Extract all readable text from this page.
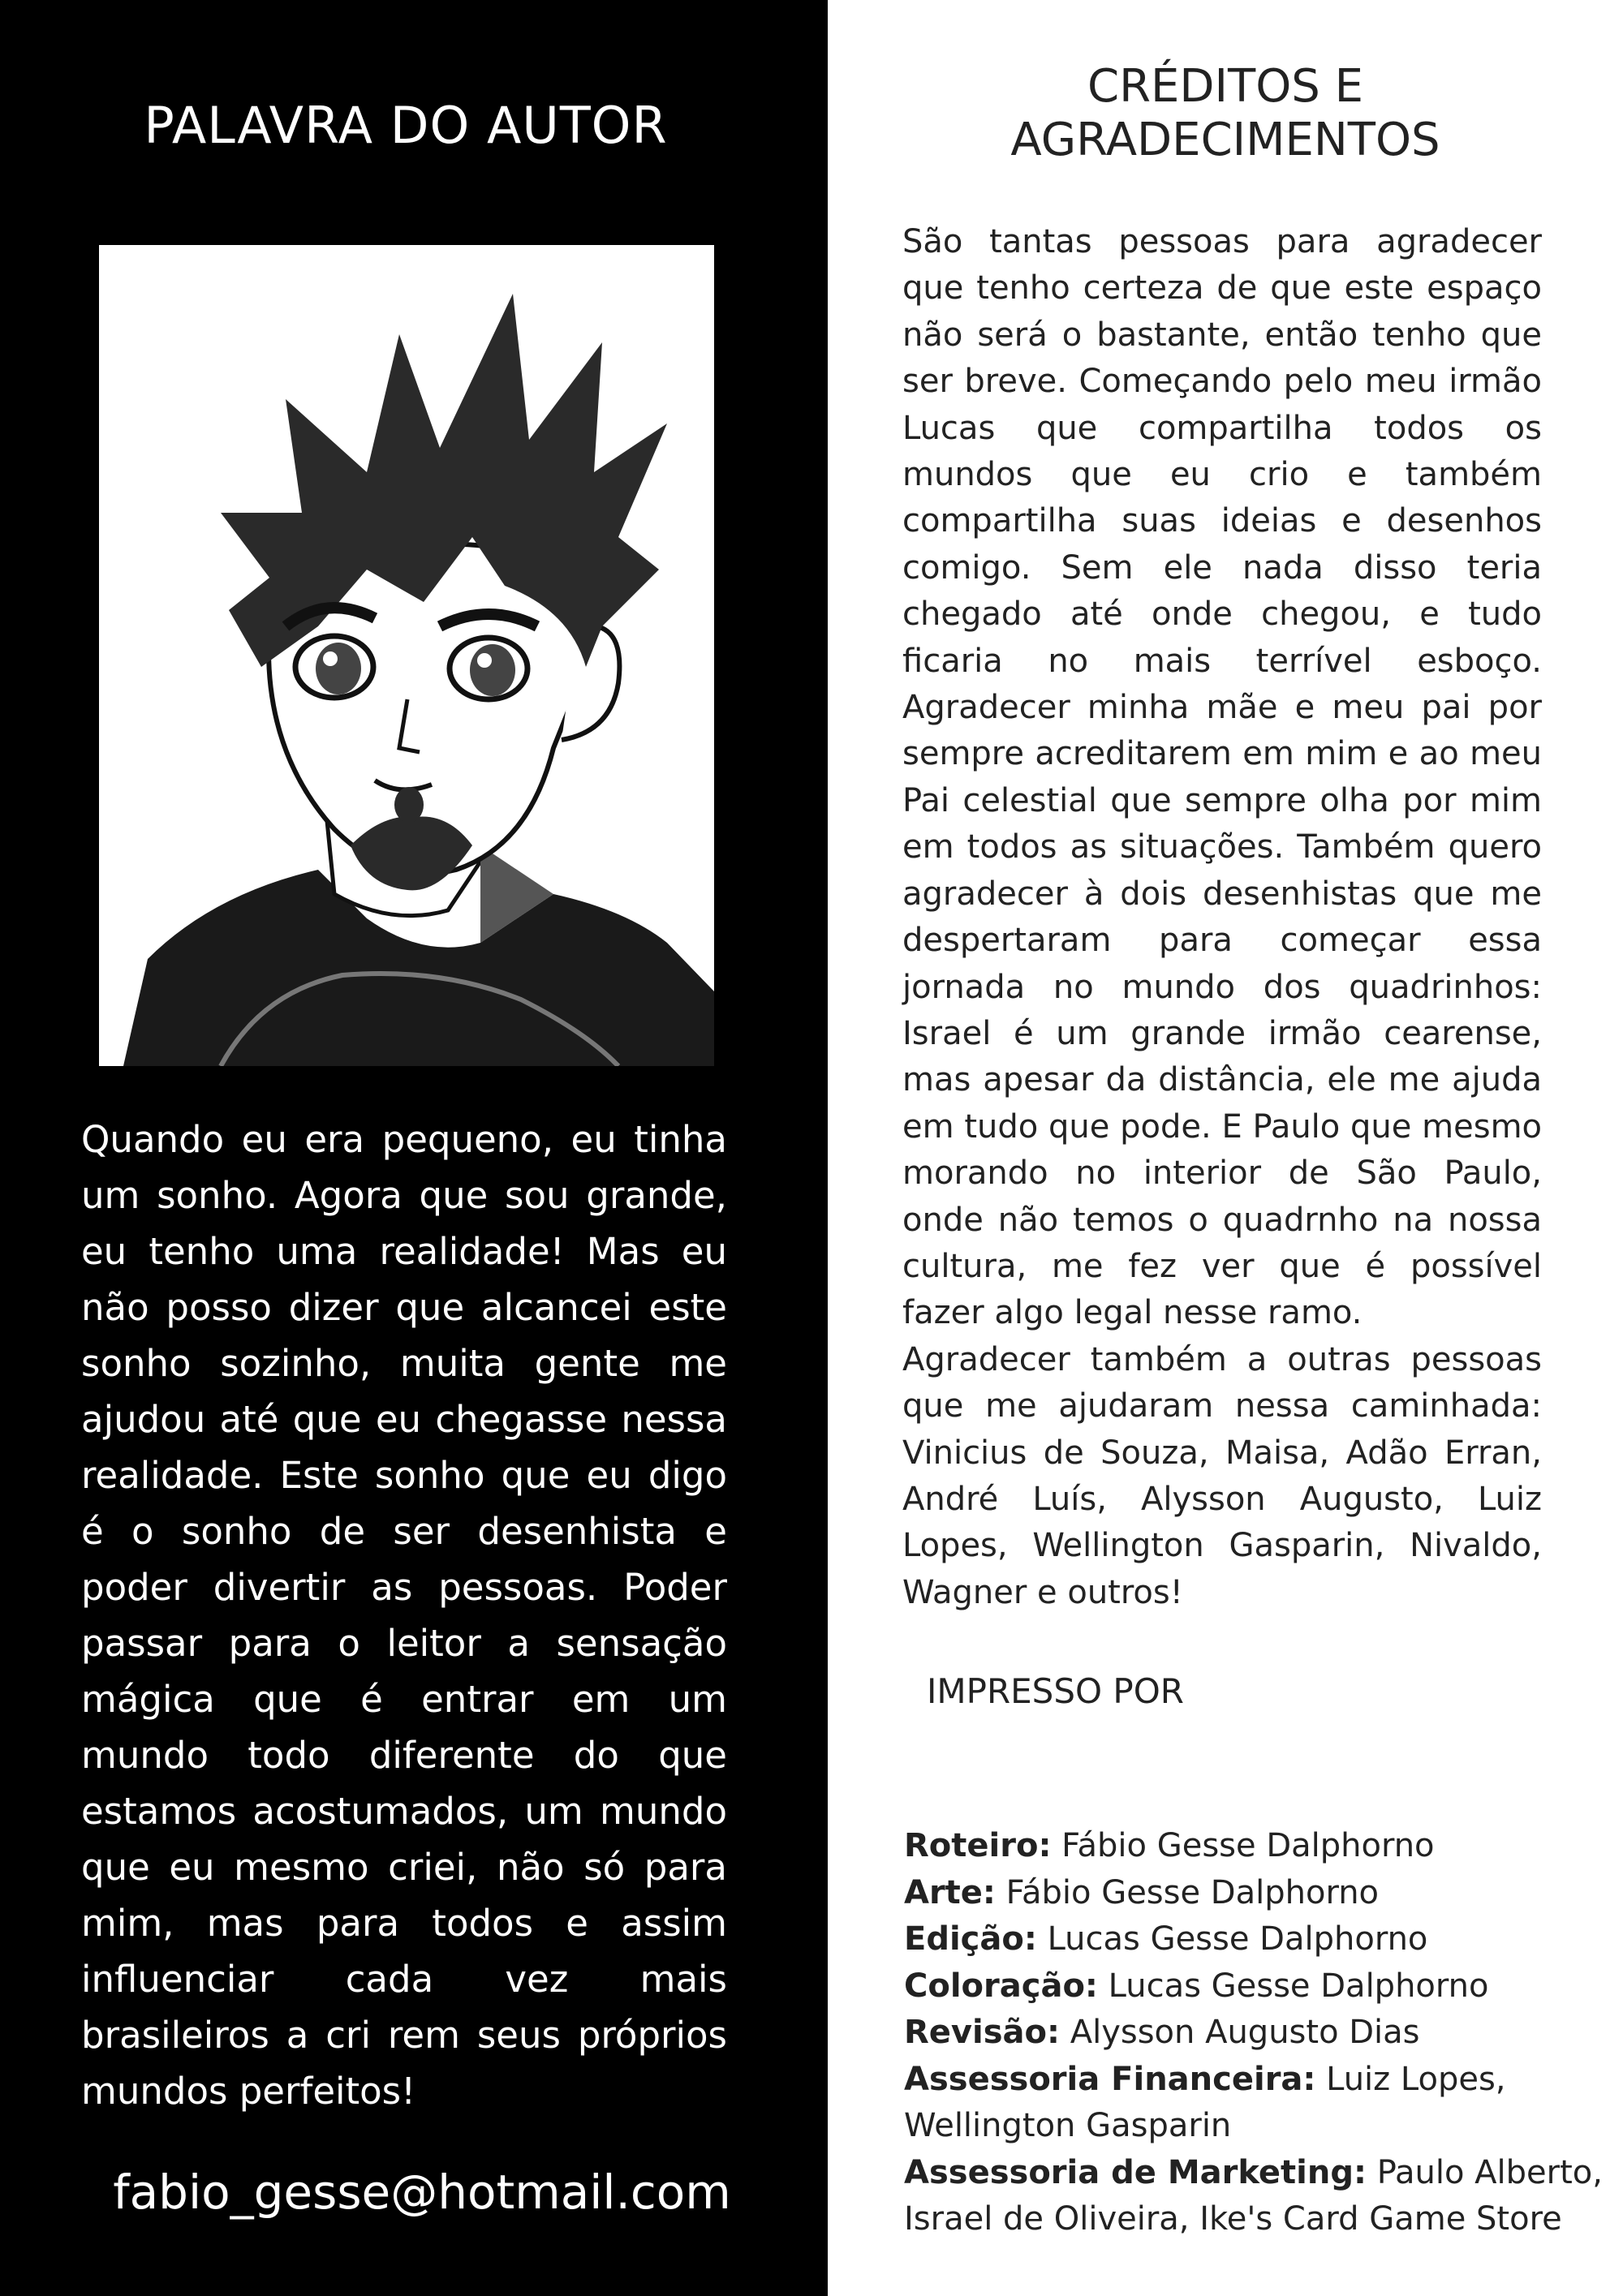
PALAVRA DO AUTOR

Quando eu era pequeno, eu tinha um sonho. Agora que sou grande, eu tenho uma realidade! Mas eu não posso dizer que alcancei este sonho sozinho, muita gente me ajudou até que eu chegasse nessa realidade. Este sonho que eu digo é o sonho de ser desenhista e poder divertir as pessoas. Poder passar para o leitor a sensação mágica que é entrar em um mundo todo diferente do que estamos acostumados, um mundo que eu mesmo criei, não só para mim, mas para todos e assim influenciar cada vez mais brasileiros a cri rem seus próprios mundos perfeitos!

fabio_gesse@hotmail.com

CRÉDITOS E
AGRADECIMENTOS

São tantas pessoas para agradecer que tenho certeza de que este espaço não será o bastante, então tenho que ser breve. Começando pelo meu irmão Lucas que compartilha todos os mundos que eu crio e também compartilha suas ideias e desenhos comigo. Sem ele nada disso teria chegado até onde chegou, e tudo ficaria no mais terrível esboço. Agradecer minha mãe e meu pai por sempre acreditarem em mim e ao meu Pai celestial que sempre olha por mim em todos as situações. Também quero agradecer à dois desenhistas que me despertaram para começar essa jornada no mundo dos quadrinhos: Israel é um grande irmão cearense, mas apesar da distância, ele me ajuda em tudo que pode. E Paulo que mesmo morando no interior de São Paulo, onde não temos o quadrnho na nossa cultura, me fez ver que é possível fazer algo legal nesse ramo.

Agradecer também a outras pessoas que me ajudaram nessa caminhada: Vinicius de Souza, Maisa, Adão Erran, André Luís, Alysson Augusto, Luiz Lopes, Wellington Gasparin, Nivaldo, Wagner e outros!

IMPRESSO POR

Roteiro: Fábio Gesse Dalphorno

Arte: Fábio Gesse Dalphorno

Edição: Lucas Gesse Dalphorno

Coloração: Lucas Gesse Dalphorno

Revisão: Alysson Augusto Dias

Assessoria Financeira: Luiz Lopes, Wellington Gasparin

Assessoria de Marketing: Paulo Alberto, Israel de Oliveira, Ike's Card Game Store
